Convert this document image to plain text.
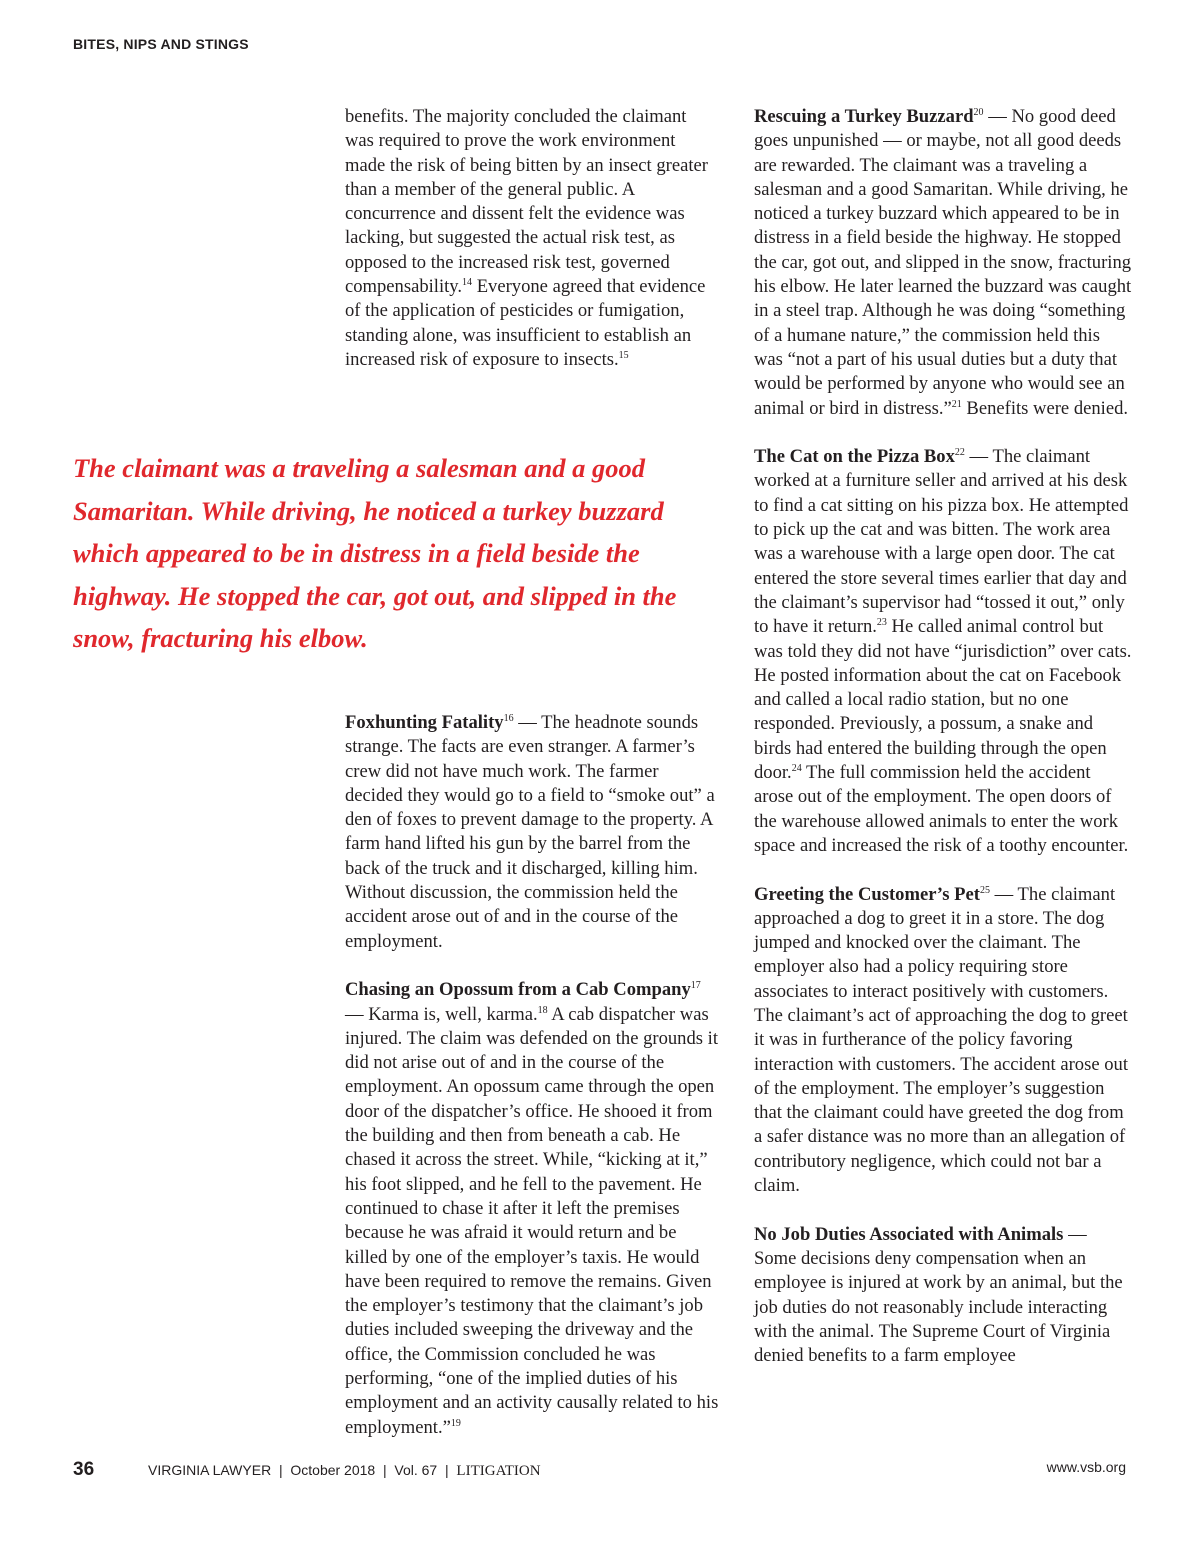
BITES, NIPS AND STINGS

benefits. The majority concluded the claimant was required to prove the work environment made the risk of being bitten by an insect greater than a member of the general public. A concurrence and dissent felt the evidence was lacking, but suggested the actual risk test, as opposed to the increased risk test, governed compensability.$^{14}$ Everyone agreed that evidence of the application of pesticides or fumigation, standing alone, was insufficient to establish an increased risk of exposure to insects.$^{15}$

The claimant was a traveling a salesman and a good Samaritan. While driving, he noticed a turkey buzzard which appeared to be in distress in a field beside the highway. He stopped the car, got out, and slipped in the snow, fracturing his elbow.

Foxhunting Fatality$^{16}$ — The headnote sounds strange. The facts are even stranger. A farmer’s crew did not have much work. The farmer decided they would go to a field to “smoke out” a den of foxes to prevent damage to the property. A farm hand lifted his gun by the barrel from the back of the truck and it discharged, killing him. Without discussion, the commission held the accident arose out of and in the course of the employment.

Chasing an Opossum from a Cab Company$^{17}$ — Karma is, well, karma.$^{18}$ A cab dispatcher was injured. The claim was defended on the grounds it did not arise out of and in the course of the employment. An opossum came through the open door of the dispatcher’s office. He shooed it from the building and then from beneath a cab. He chased it across the street. While, “kicking at it,” his foot slipped, and he fell to the pavement. He continued to chase it after it left the premises because he was afraid it would return and be killed by one of the employer’s taxis. He would have been required to remove the remains. Given the employer’s testimony that the claimant’s job duties included sweeping the driveway and the office, the Commission concluded he was performing, “one of the implied duties of his employment and an activity causally related to his employment.”$^{19}$

Rescuing a Turkey Buzzard$^{20}$ — No good deed goes unpunished — or maybe, not all good deeds are rewarded. The claimant was a traveling a salesman and a good Samaritan. While driving, he noticed a turkey buzzard which appeared to be in distress in a field beside the highway. He stopped the car, got out, and slipped in the snow, fracturing his elbow. He later learned the buzzard was caught in a steel trap. Although he was doing “something of a humane nature,” the commission held this was “not a part of his usual duties but a duty that would be performed by anyone who would see an animal or bird in distress.”$^{21}$ Benefits were denied.

The Cat on the Pizza Box$^{22}$ — The claimant worked at a furniture seller and arrived at his desk to find a cat sitting on his pizza box. He attempted to pick up the cat and was bitten. The work area was a warehouse with a large open door. The cat entered the store several times earlier that day and the claimant’s supervisor had “tossed it out,” only to have it return.$^{23}$ He called animal control but was told they did not have “jurisdiction” over cats. He posted information about the cat on Facebook and called a local radio station, but no one responded. Previously, a possum, a snake and birds had entered the building through the open door.$^{24}$ The full commission held the accident arose out of the employment. The open doors of the warehouse allowed animals to enter the work space and increased the risk of a toothy encounter.

Greeting the Customer’s Pet$^{25}$ — The claimant approached a dog to greet it in a store. The dog jumped and knocked over the claimant. The employer also had a policy requiring store associates to interact positively with customers. The claimant’s act of approaching the dog to greet it was in furtherance of the policy favoring interaction with customers. The accident arose out of the employment. The employer’s suggestion that the claimant could have greeted the dog from a safer distance was no more than an allegation of contributory negligence, which could not bar a claim.

No Job Duties Associated with Animals — Some decisions deny compensation when an employee is injured at work by an animal, but the job duties do not reasonably include interacting with the animal. The Supreme Court of Virginia denied benefits to a farm employee

36	VIRGINIA LAWYER  |  October 2018  |  Vol. 67  |  LITIGATION	www.vsb.org
